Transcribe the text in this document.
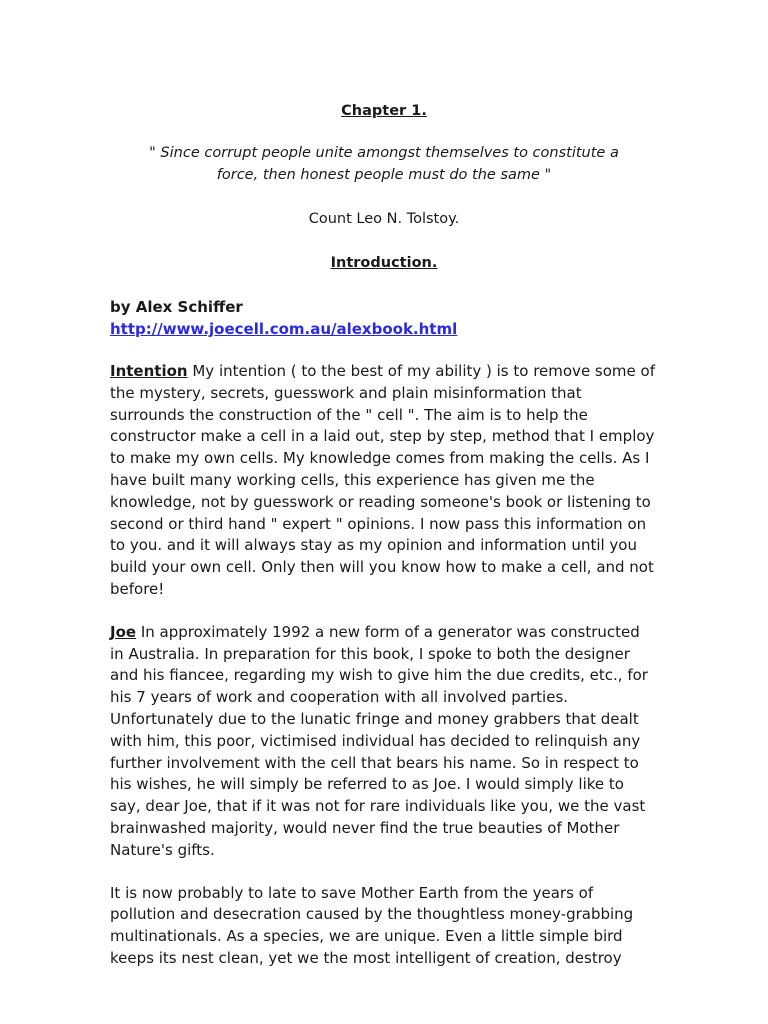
Chapter 1.

" Since corrupt people unite amongst themselves to constitute a
force, then honest people must do the same "

Count Leo N. Tolstoy.

Introduction.

by Alex Schiffer
http://www.joecell.com.au/alexbook.html

Intention My intention ( to the best of my ability ) is to remove some of the mystery, secrets, guesswork and plain misinformation that surrounds the construction of the " cell ". The aim is to help the constructor make a cell in a laid out, step by step, method that I employ to make my own cells. My knowledge comes from making the cells. As I have built many working cells, this experience has given me the knowledge, not by guesswork or reading someone's book or listening to second or third hand " expert " opinions. I now pass this information on to you. and it will always stay as my opinion and information until you build your own cell. Only then will you know how to make a cell, and not before!

Joe In approximately 1992 a new form of a generator was constructed in Australia. In preparation for this book, I spoke to both the designer and his fiancee, regarding my wish to give him the due credits, etc., for his 7 years of work and cooperation with all involved parties. Unfortunately due to the lunatic fringe and money grabbers that dealt with him, this poor, victimised individual has decided to relinquish any further involvement with the cell that bears his name. So in respect to his wishes, he will simply be referred to as Joe. I would simply like to say, dear Joe, that if it was not for rare individuals like you, we the vast brainwashed majority, would never find the true beauties of Mother Nature's gifts.

It is now probably to late to save Mother Earth from the years of pollution and desecration caused by the thoughtless money-grabbing multinationals. As a species, we are unique. Even a little simple bird keeps its nest clean, yet we the most intelligent of creation, destroy
